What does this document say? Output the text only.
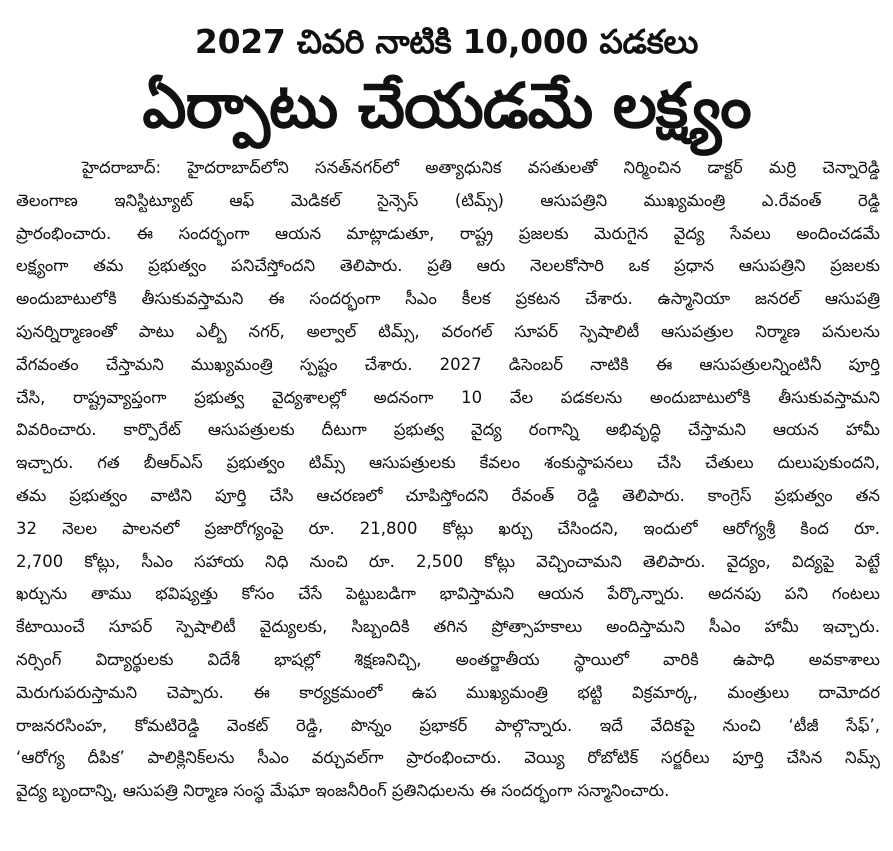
2027 చివరి నాటికి 10,000 పడకలు
ఏర్పాటు చేయడమే లక్ష్యం
హైదరాబాద్: హైదరాబాద్‌లోని సనత్‌నగర్‌లో అత్యాధునిక వసతులతో నిర్మించిన డాక్టర్ మర్రి చెన్నారెడ్డి
తెలంగాణ ఇనిస్టిట్యూట్ ఆఫ్ మెడికల్ సైన్సెస్ (టిమ్స్) ఆసుపత్రిని ముఖ్యమంత్రి ఎ.రేవంత్ రెడ్డి
ప్రారంభించారు. ఈ సందర్భంగా ఆయన మాట్లాడుతూ, రాష్ట్ర ప్రజలకు మెరుగైన వైద్య సేవలు అందించడమే
లక్ష్యంగా తమ ప్రభుత్వం పనిచేస్తోందని తెలిపారు. ప్రతి ఆరు నెలలకోసారి ఒక ప్రధాన ఆసుపత్రిని ప్రజలకు
అందుబాటులోకి తీసుకువస్తామని ఈ సందర్భంగా సీఎం కీలక ప్రకటన చేశారు. ఉస్మానియా జనరల్ ఆసుపత్రి
పునర్నిర్మాణంతో పాటు ఎల్బీ నగర్, అల్వాల్ టిమ్స్, వరంగల్ సూపర్ స్పెషాలిటీ ఆసుపత్రుల నిర్మాణ పనులను
వేగవంతం చేస్తామని ముఖ్యమంత్రి స్పష్టం చేశారు. 2027 డిసెంబర్ నాటికి ఈ ఆసుపత్రులన్నింటినీ పూర్తి
చేసి, రాష్ట్రవ్యాప్తంగా ప్రభుత్వ వైద్యశాలల్లో అదనంగా 10 వేల పడకలను అందుబాటులోకి తీసుకువస్తామని
వివరించారు. కార్పొరేట్ ఆసుపత్రులకు దీటుగా ప్రభుత్వ వైద్య రంగాన్ని అభివృద్ధి చేస్తామని ఆయన హామీ
ఇచ్చారు. గత బీఆర్‌ఎస్ ప్రభుత్వం టిమ్స్ ఆసుపత్రులకు కేవలం శంకుస్థాపనలు చేసి చేతులు దులుపుకుందని,
తమ ప్రభుత్వం వాటిని పూర్తి చేసి ఆచరణలో చూపిస్తోందని రేవంత్ రెడ్డి తెలిపారు. కాంగ్రెస్ ప్రభుత్వం తన
32 నెలల పాలనలో ప్రజారోగ్యంపై రూ. 21,800 కోట్లు ఖర్చు చేసిందని, ఇందులో ఆరోగ్యశ్రీ కింద రూ.
2,700 కోట్లు, సీఎం సహాయ నిధి నుంచి రూ. 2,500 కోట్లు వెచ్చించామని తెలిపారు. వైద్యం, విద్యపై పెట్టే
ఖర్చును తాము భవిష్యత్తు కోసం చేసే పెట్టుబడిగా భావిస్తామని ఆయన పేర్కొన్నారు. అదనపు పని గంటలు
కేటాయించే సూపర్ స్పెషాలిటీ వైద్యులకు, సిబ్బందికి తగిన ప్రోత్సాహకాలు అందిస్తామని సీఎం హామీ ఇచ్చారు.
నర్సింగ్ విద్యార్థులకు విదేశీ భాషల్లో శిక్షణనిచ్చి, అంతర్జాతీయ స్థాయిలో వారికి ఉపాధి అవకాశాలు
మెరుగుపరుస్తామని చెప్పారు. ఈ కార్యక్రమంలో ఉప ముఖ్యమంత్రి భట్టి విక్రమార్క, మంత్రులు దామోదర
రాజనరసింహ, కోమటిరెడ్డి వెంకట్ రెడ్డి, పొన్నం ప్రభాకర్ పాల్గొన్నారు. ఇదే వేదికపై నుంచి ‘టీజీ సేఫ్’,
‘ఆరోగ్య దీపిక’ పాలిక్లినిక్‌లను సీఎం వర్చువల్‌గా ప్రారంభించారు. వెయ్యి రోబోటిక్ సర్జరీలు పూర్తి చేసిన నిమ్స్
వైద్య బృందాన్ని, ఆసుపత్రి నిర్మాణ సంస్థ మేఘా ఇంజనీరింగ్ ప్రతినిధులను ఈ సందర్భంగా సన్మానించారు.
